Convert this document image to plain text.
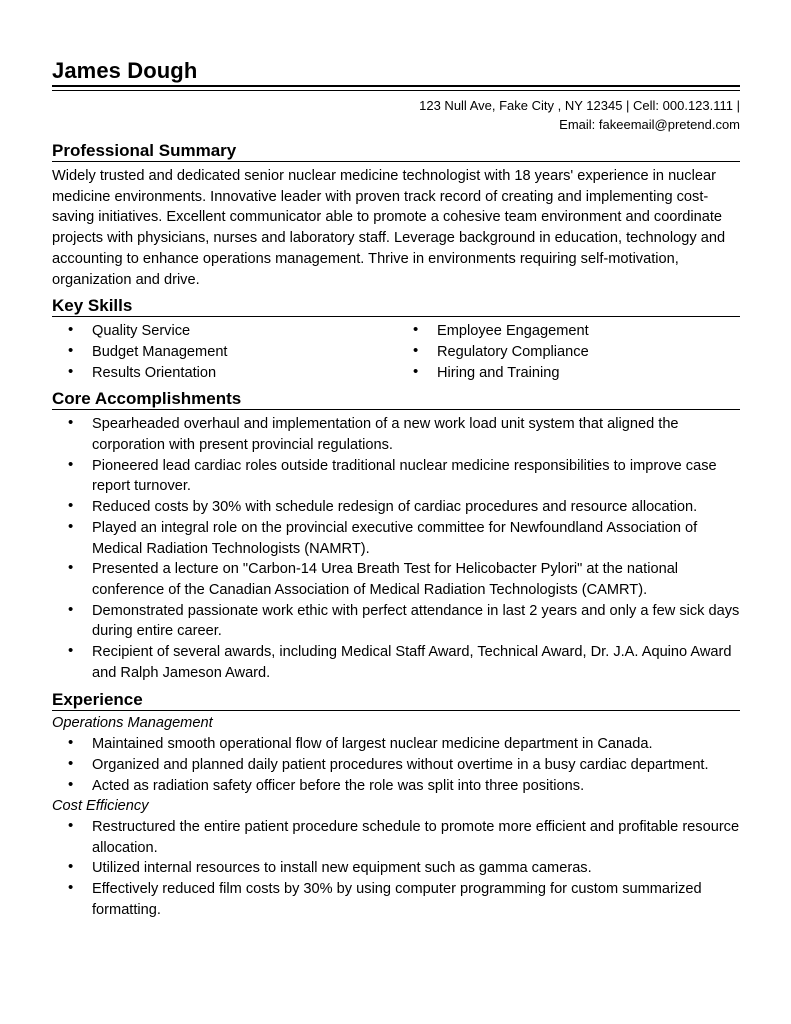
James Dough
123 Null Ave, Fake City , NY 12345 | Cell: 000.123.111 |
Email: fakeemail@pretend.com
Professional Summary

Widely trusted and dedicated senior nuclear medicine technologist with 18 years' experience in nuclear medicine environments. Innovative leader with proven track record of creating and implementing cost-saving initiatives. Excellent communicator able to promote a cohesive team environment and coordinate projects with physicians, nurses and laboratory staff. Leverage background in education, technology and accounting to enhance operations management. Thrive in environments requiring self-motivation, organization and drive.

Key Skills
• Quality Service
• Budget Management
• Results Orientation
• Employee Engagement
• Regulatory Compliance
• Hiring and Training
Core Accomplishments
• Spearheaded overhaul and implementation of a new work load unit system that aligned the corporation with present provincial regulations.
• Pioneered lead cardiac roles outside traditional nuclear medicine responsibilities to improve case report turnover.
• Reduced costs by 30% with schedule redesign of cardiac procedures and resource allocation.
• Played an integral role on the provincial executive committee for Newfoundland Association of Medical Radiation Technologists (NAMRT).
• Presented a lecture on "Carbon-14 Urea Breath Test for Helicobacter Pylori" at the national conference of the Canadian Association of Medical Radiation Technologists (CAMRT).
• Demonstrated passionate work ethic with perfect attendance in last 2 years and only a few sick days during entire career.
• Recipient of several awards, including Medical Staff Award, Technical Award, Dr. J.A. Aquino Award and Ralph Jameson Award.
Experience

Operations Management

• Maintained smooth operational flow of largest nuclear medicine department in Canada.
• Organized and planned daily patient procedures without overtime in a busy cardiac department.
• Acted as radiation safety officer before the role was split into three positions.

Cost Efficiency

• Restructured the entire patient procedure schedule to promote more efficient and profitable resource allocation.
• Utilized internal resources to install new equipment such as gamma cameras.
• Effectively reduced film costs by 30% by using computer programming for custom summarized formatting.
